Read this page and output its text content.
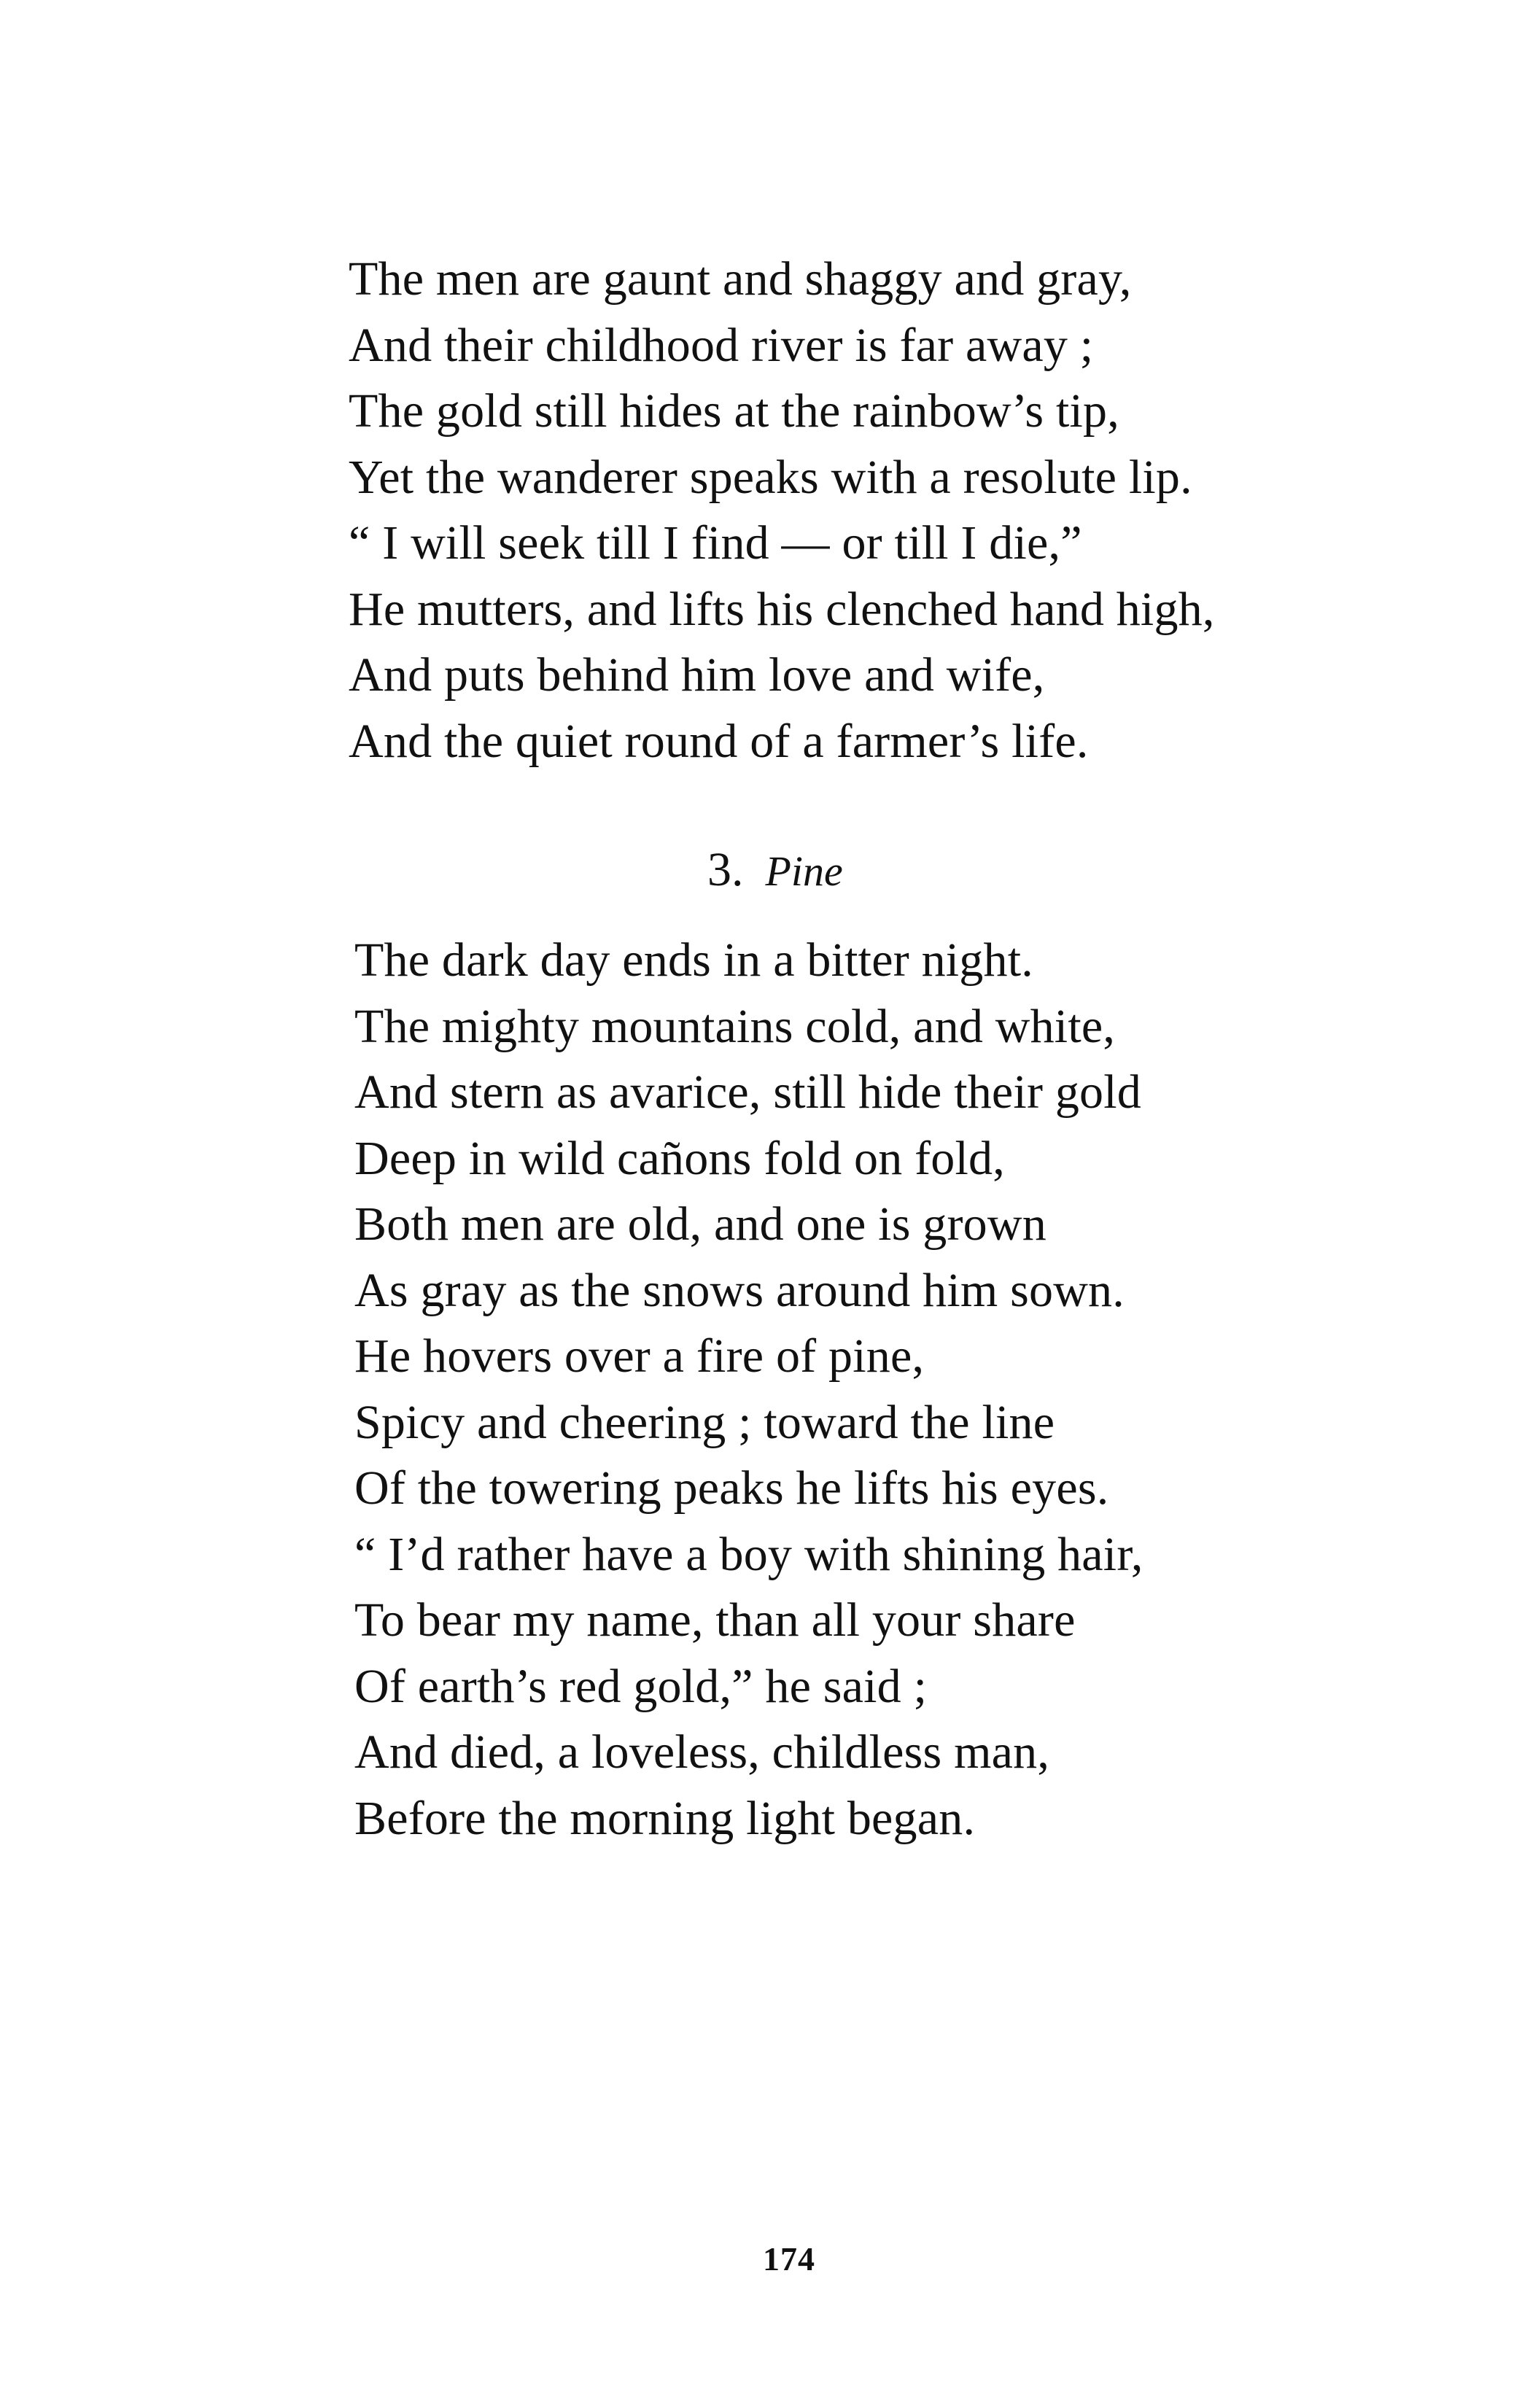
The men are gaunt and shaggy and gray,
And their childhood river is far away ;
The gold still hides at the rainbow’s tip,
Yet the wanderer speaks with a resolute lip.
“ I will seek till I find — or till I die,”
He mutters, and lifts his clenched hand high,
And puts behind him love and wife,
And the quiet round of a farmer’s life.
3. Pine
The dark day ends in a bitter night.
The mighty mountains cold, and white,
And stern as avarice, still hide their gold
Deep in wild cañons fold on fold,
Both men are old, and one is grown
As gray as the snows around him sown.
He hovers over a fire of pine,
Spicy and cheering ; toward the line
Of the towering peaks he lifts his eyes.
“ I’d rather have a boy with shining hair,
To bear my name, than all your share
Of earth’s red gold,” he said ;
And died, a loveless, childless man,
Before the morning light began.
174
